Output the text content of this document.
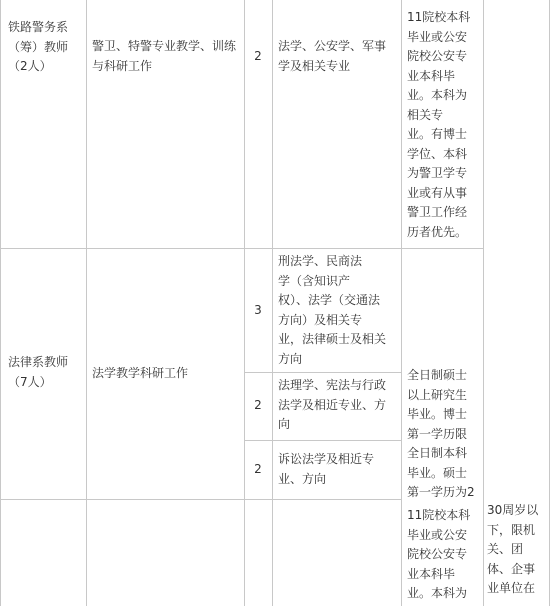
铁路警务系（筹）教师（2人）
警卫、特警专业教学、训练与科研工作
2
法学、公安学、军事学及相关专业
11院校本科
毕业或公安
院校公安专
业本科毕
业。本科为
相关专
业。有博士
学位、本科
为警卫学专
业或有从事
警卫工作经
历者优先。
法律系教师（7人）
法学教学科研工作
3
刑法学、民商法
学（含知识产
权）、法学（交通法
方向）及相关专
业，法律硕士及相关
方向
2
法理学、宪法与行政
法学及相近专业、方
向
2
诉讼法学及相近专
业、方向
全日制硕士
以上研究生
毕业。博士
第一学历限
全日制本科
毕业。硕士
第一学历为2
11院校本科
毕业或公安
院校公安专
业本科毕
业。本科为
30周岁以
下，限机
关、团
体、企事
业单位在
